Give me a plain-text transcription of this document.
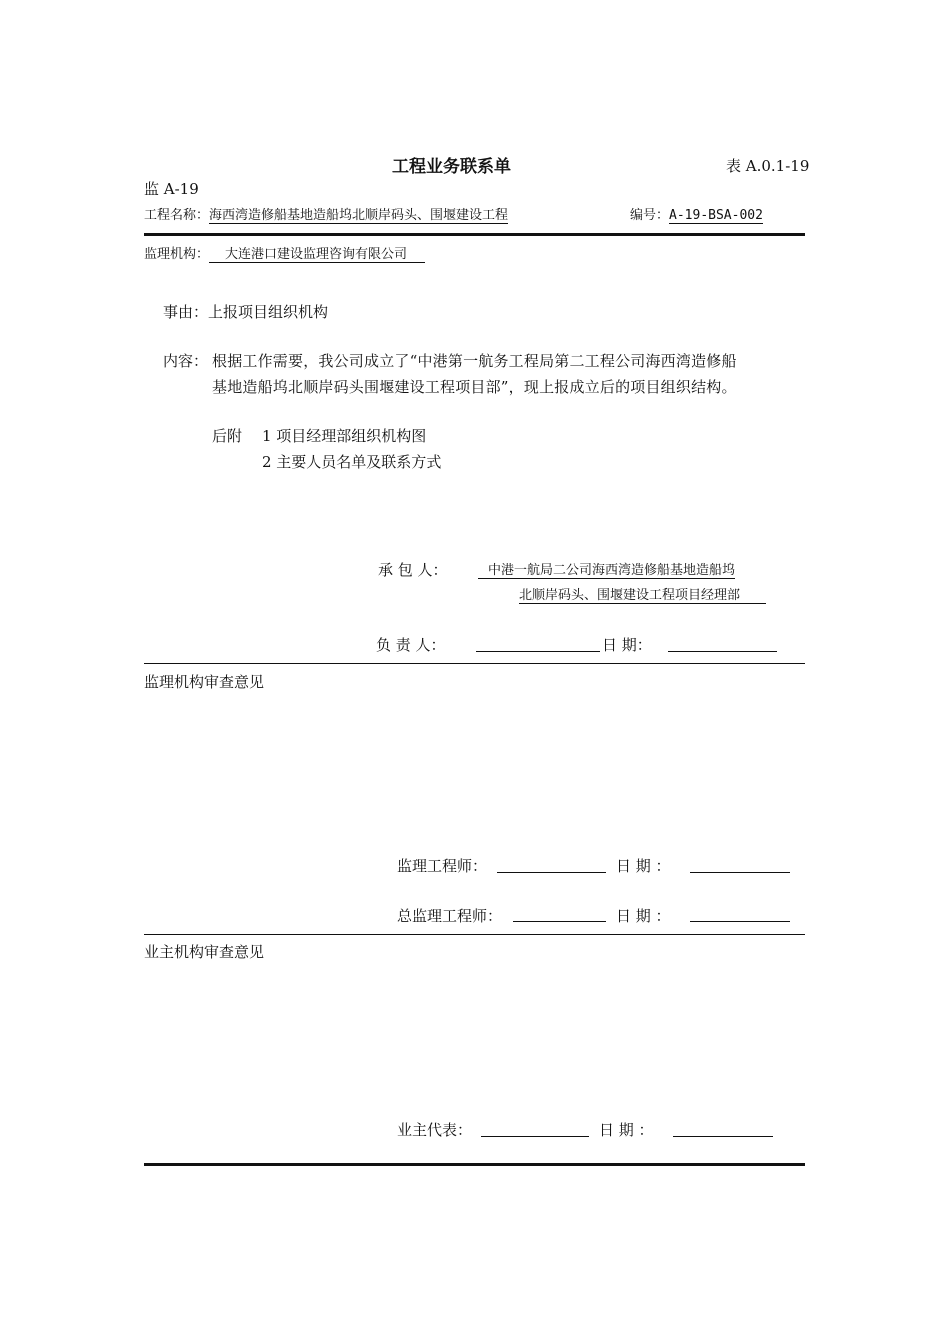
工程业务联系单	表 A.0.1-19
监 A-19
工程名称：海西湾造修船基地造船坞北顺岸码头、围堰建设工程	编号：A-19-BSA-002
监理机构： 大连港口建设监理咨询有限公司
事由：上报项目组织机构
内容： 根据工作需要，我公司成立了“中港第一航务工程局第二工程公司海西湾造修船
基地造船坞北顺岸码头围堰建设工程项目部”，现上报成立后的项目组织结构。
后附 1 项目经理部组织机构图
2 主要人员名单及联系方式
承 包 人：	中港一航局二公司海西湾造修船基地造船坞
北顺岸码头、围堰建设工程项目经理部
负 责 人：	日 期：
监理机构审查意见
监理工程师：	日 期 ：
总监理工程师：	日 期 ：
业主机构审查意见
业主代表：	日 期 ：
